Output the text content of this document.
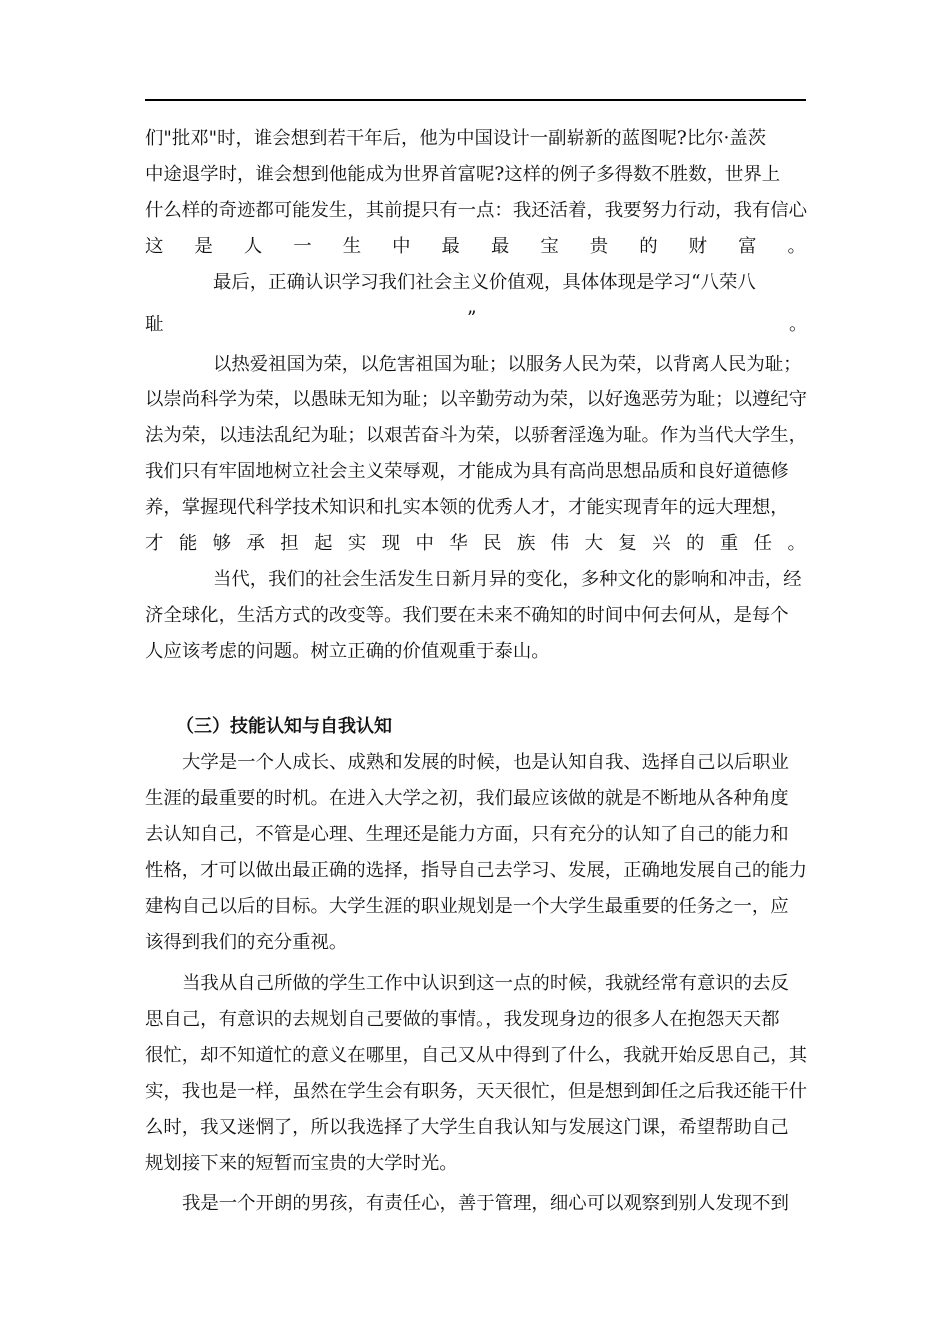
们"批邓"时，谁会想到若干年后，他为中国设计一副崭新的蓝图呢?比尔·盖茨
中途退学时，谁会想到他能成为世界首富呢?这样的例子多得数不胜数，世界上
什么样的奇迹都可能发生，其前提只有一点：我还活着，我要努力行动，我有信心
这 是 人 一 生 中 最 最 宝 贵 的 财 富 。
最后，正确认识学习我们社会主义价值观，具体体现是学习“八荣八
耻	”	。
以热爱祖国为荣，以危害祖国为耻；以服务人民为荣，以背离人民为耻；
以崇尚科学为荣，以愚昧无知为耻；以辛勤劳动为荣，以好逸恶劳为耻；以遵纪守
法为荣，以违法乱纪为耻；以艰苦奋斗为荣，以骄奢淫逸为耻。作为当代大学生，
我们只有牢固地树立社会主义荣辱观，才能成为具有高尚思想品质和良好道德修
养，掌握现代科学技术知识和扎实本领的优秀人才，才能实现青年的远大理想，
才 能 够 承 担 起 实 现 中 华 民 族 伟 大 复 兴 的 重 任 。
当代，我们的社会生活发生日新月异的变化，多种文化的影响和冲击，经
济全球化，生活方式的改变等。我们要在未来不确知的时间中何去何从，是每个
人应该考虑的问题。树立正确的价值观重于泰山。
（三）技能认知与自我认知
大学是一个人成长、成熟和发展的时候，也是认知自我、选择自己以后职业
生涯的最重要的时机。在进入大学之初，我们最应该做的就是不断地从各种角度
去认知自己，不管是心理、生理还是能力方面，只有充分的认知了自己的能力和
性格，才可以做出最正确的选择，指导自己去学习、发展，正确地发展自己的能力
建构自己以后的目标。大学生涯的职业规划是一个大学生最重要的任务之一，应
该得到我们的充分重视。
当我从自己所做的学生工作中认识到这一点的时候，我就经常有意识的去反
思自己，有意识的去规划自己要做的事情。，我发现身边的很多人在抱怨天天都
很忙，却不知道忙的意义在哪里，自己又从中得到了什么，我就开始反思自己，其
实，我也是一样，虽然在学生会有职务，天天很忙，但是想到卸任之后我还能干什
么时，我又迷惘了，所以我选择了大学生自我认知与发展这门课，希望帮助自己
规划接下来的短暂而宝贵的大学时光。
我是一个开朗的男孩，有责任心，善于管理，细心可以观察到别人发现不到
